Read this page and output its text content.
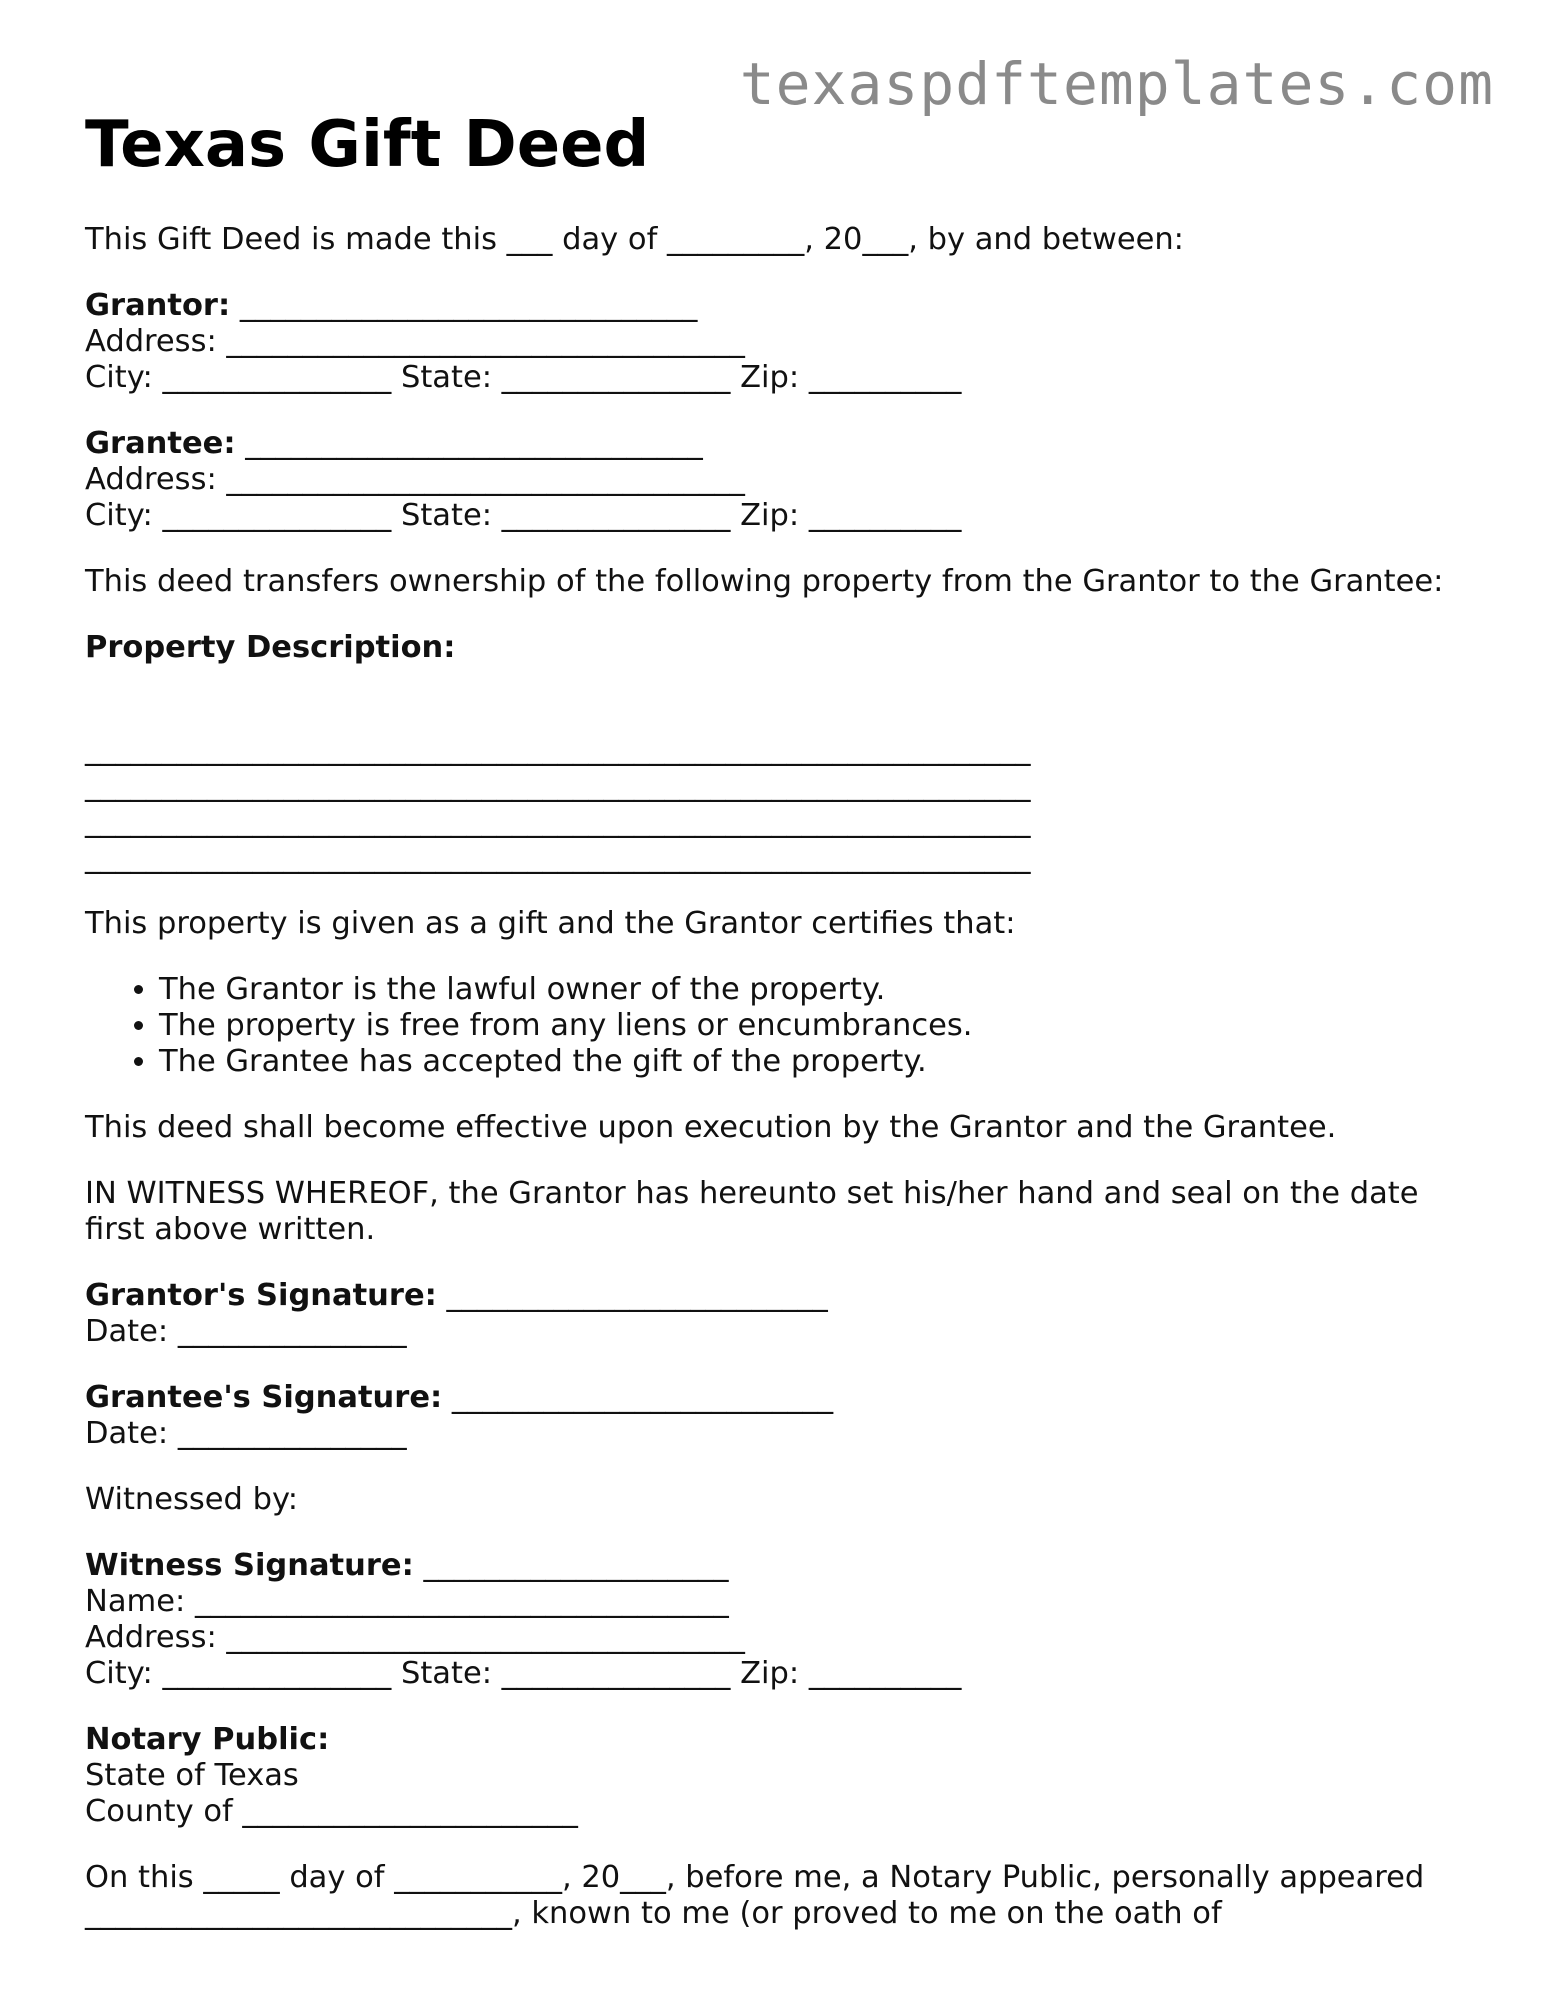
texaspdftemplates.com
Texas Gift Deed

This Gift Deed is made this ___ day of _________, 20___, by and between:

Grantor: ______________________________
Address: __________________________________
City: _______________ State: _______________ Zip: __________
Grantee: ______________________________
Address: __________________________________
City: _______________ State: _______________ Zip: __________

This deed transfers ownership of the following property from the Grantor to the Grantee:

Property Description:

______________________________________________________________
______________________________________________________________
______________________________________________________________
______________________________________________________________

This property is given as a gift and the Grantor certifies that:

• The Grantor is the lawful owner of the property.
• The property is free from any liens or encumbrances.
• The Grantee has accepted the gift of the property.

This deed shall become effective upon execution by the Grantor and the Grantee.

IN WITNESS WHEREOF, the Grantor has hereunto set his/her hand and seal on the date first above written.

Grantor's Signature: _________________________
Date: _______________
Grantee's Signature: _________________________
Date: _______________

Witnessed by:

Witness Signature: ____________________
Name: ___________________________________
Address: __________________________________
City: _______________ State: _______________ Zip: __________
Notary Public:
State of Texas
County of ______________________
On this _____ day of ___________, 20___, before me, a Notary Public, personally appeared
____________________________, known to me (or proved to me on the oath of
